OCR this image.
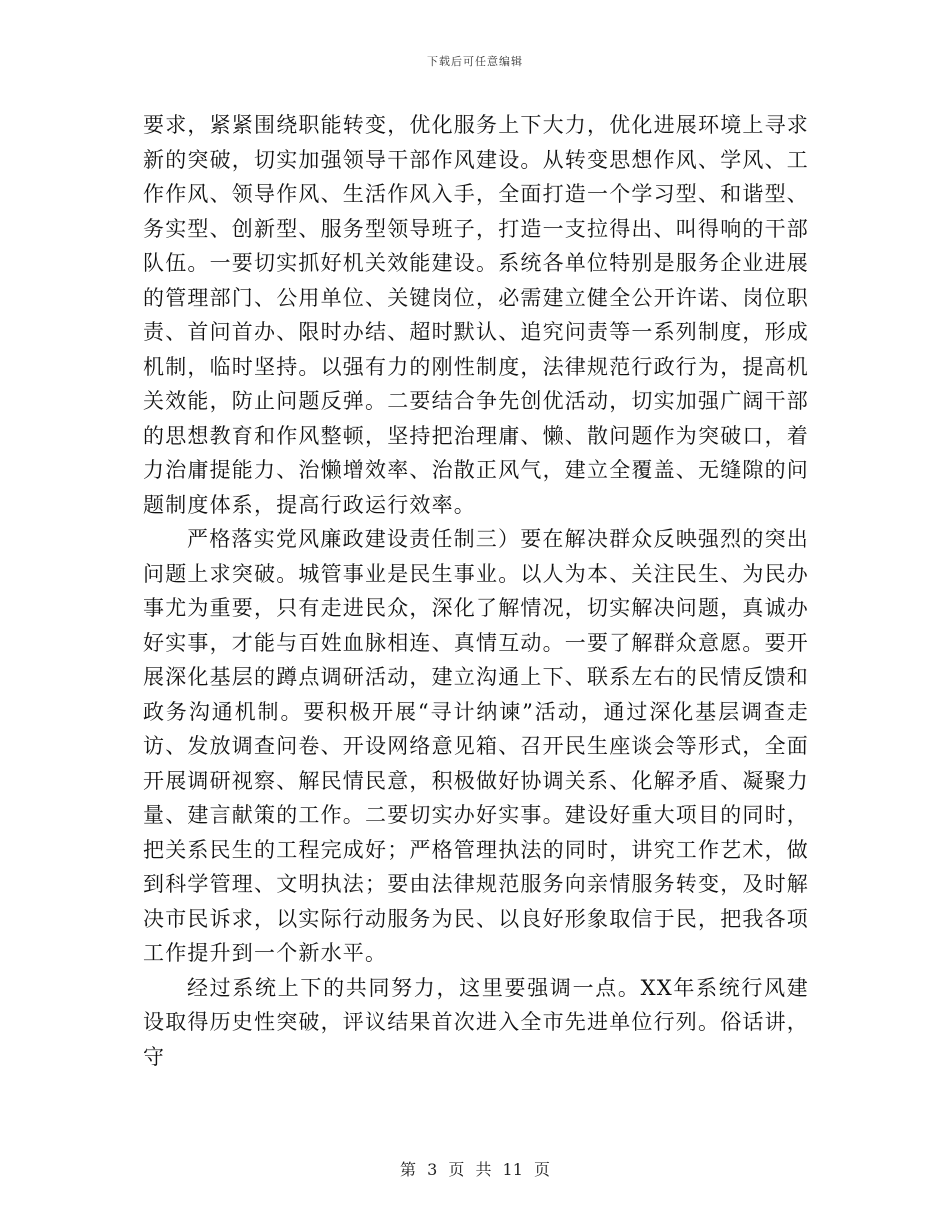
下载后可任意编辑

要求，紧紧围绕职能转变，优化服务上下大力，优化进展环境上寻求新的突破，切实加强领导干部作风建设。从转变思想作风、学风、工作作风、领导作风、生活作风入手，全面打造一个学习型、和谐型、务实型、创新型、服务型领导班子，打造一支拉得出、叫得响的干部队伍。一要切实抓好机关效能建设。系统各单位特别是服务企业进展的管理部门、公用单位、关键岗位，必需建立健全公开许诺、岗位职责、首问首办、限时办结、超时默认、追究问责等一系列制度，形成机制，临时坚持。以强有力的刚性制度，法律规范行政行为，提高机关效能，防止问题反弹。二要结合争先创优活动，切实加强广阔干部的思想教育和作风整顿，坚持把治理庸、懒、散问题作为突破口，着力治庸提能力、治懒增效率、治散正风气，建立全覆盖、无缝隙的问题制度体系，提高行政运行效率。

严格落实党风廉政建设责任制三）要在解决群众反映强烈的突出问题上求突破。城管事业是民生事业。以人为本、关注民生、为民办事尤为重要，只有走进民众，深化了解情况，切实解决问题，真诚办好实事，才能与百姓血脉相连、真情互动。一要了解群众意愿。要开展深化基层的蹲点调研活动，建立沟通上下、联系左右的民情反馈和政务沟通机制。要积极开展“寻计纳谏”活动，通过深化基层调查走访、发放调查问卷、开设网络意见箱、召开民生座谈会等形式，全面开展调研视察、解民情民意，积极做好协调关系、化解矛盾、凝聚力量、建言献策的工作。二要切实办好实事。建设好重大项目的同时，把关系民生的工程完成好；严格管理执法的同时，讲究工作艺术，做到科学管理、文明执法；要由法律规范服务向亲情服务转变，及时解决市民诉求，以实际行动服务为民、以良好形象取信于民，把我各项工作提升到一个新水平。

经过系统上下的共同努力，这里要强调一点。XX年系统行风建设取得历史性突破，评议结果首次进入全市先进单位行列。俗话讲，守

第 3 页 共 11 页
